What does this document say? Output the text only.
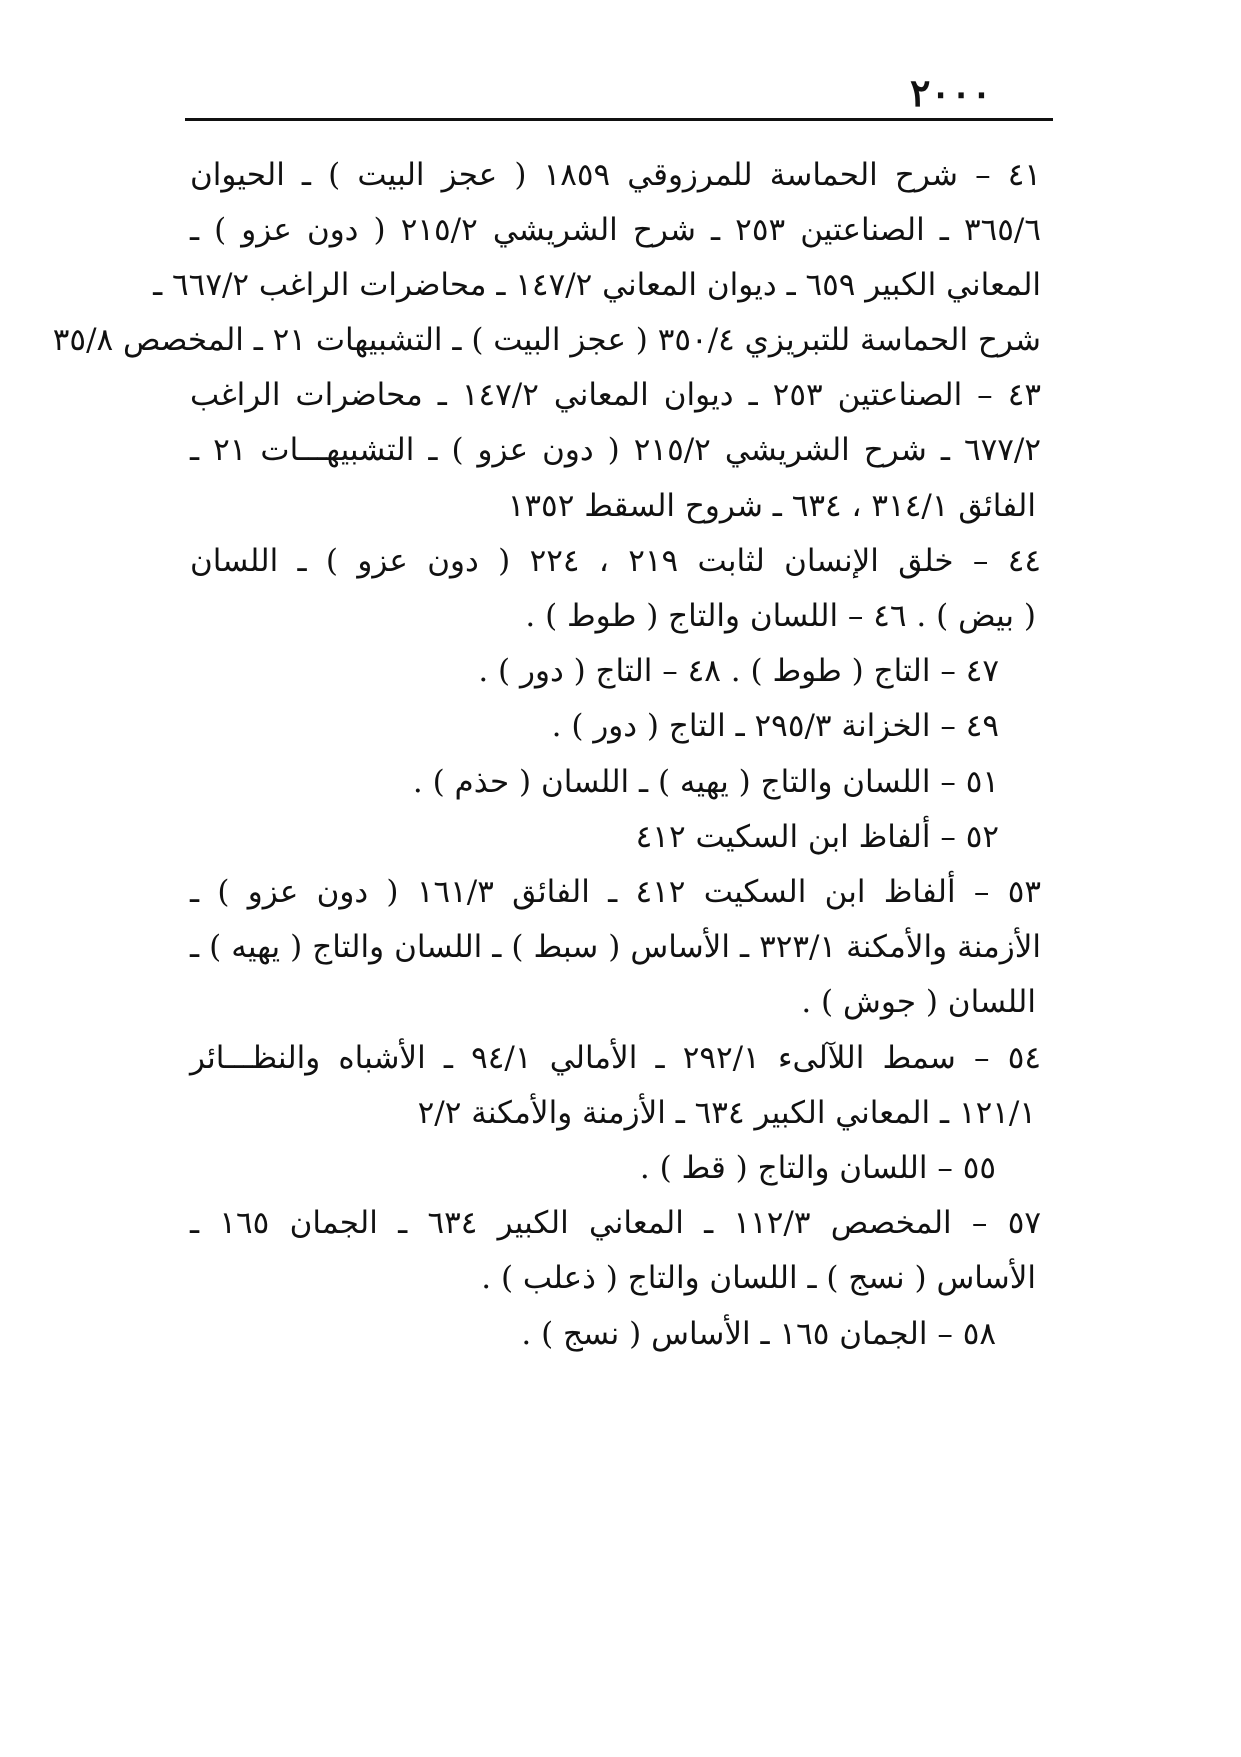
٢٠٠٠
٤١ – شرح الحماسة للمرزوقي ١٨٥٩ ( عجز البيت ) ـ الحيوان
٣٦٥/٦ ـ الصناعتين ٢٥٣ ـ شرح الشريشي ٢١٥/٢ ( دون عزو ) ـ
المعاني الكبير ٦٥٩ ـ ديوان المعاني ١٤٧/٢ ـ محاضرات الراغب ٦٦٧/٢ ـ
شرح الحماسة للتبريزي ٣٥٠/٤ ( عجز البيت ) ـ التشبيهات ٢١ ـ المخصص ٣٥/٨
٤٣ – الصناعتين ٢٥٣ ـ ديوان المعاني ١٤٧/٢ ـ محاضرات الراغب
٦٧٧/٢ ـ شرح الشريشي ٢١٥/٢ ( دون عزو ) ـ التشبيهـــات ٢١ ـ
الفائق ٣١٤/١ ، ٦٣٤ ـ شروح السقط ١٣٥٢
٤٤ – خلق الإنسان لثابت ٢١٩ ، ٢٢٤ ( دون عزو ) ـ اللسان
( بيض ) . ٤٦ – اللسان والتاج ( طوط ) .
٤٧ – التاج ( طوط ) . ٤٨ – التاج ( دور ) .
٤٩ – الخزانة ٢٩٥/٣ ـ التاج ( دور ) .
٥١ – اللسان والتاج ( يهيه ) ـ اللسان ( حذم ) .
٥٢ – ألفاظ ابن السكيت ٤١٢
٥٣ – ألفاظ ابن السكيت ٤١٢ ـ الفائق ١٦١/٣ ( دون عزو ) ـ
الأزمنة والأمكنة ٣٢٣/١ ـ الأساس ( سبط ) ـ اللسان والتاج ( يهيه ) ـ
اللسان ( جوش ) .
٥٤ – سمط اللآلىء ٢٩٢/١ ـ الأمالي ٩٤/١ ـ الأشباه والنظـــائر
١٢١/١ ـ المعاني الكبير ٦٣٤ ـ الأزمنة والأمكنة ٢/٢
٥٥ – اللسان والتاج ( قط ) .
٥٧ – المخصص ١١٢/٣ ـ المعاني الكبير ٦٣٤ ـ الجمان ١٦٥ ـ
الأساس ( نسج ) ـ اللسان والتاج ( ذعلب ) .
٥٨ – الجمان ١٦٥ ـ الأساس ( نسج ) .
